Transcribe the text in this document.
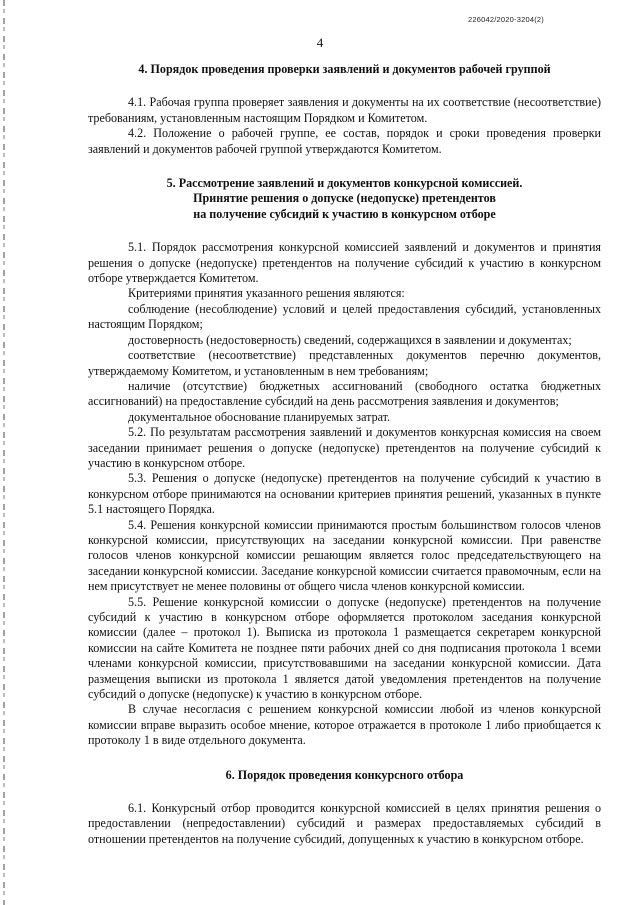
226042/2020-3204(2)
4
4. Порядок проведения проверки заявлений и документов рабочей группой

4.1. Рабочая группа проверяет заявления и документы на их соответствие (несоответствие) требованиям, установленным настоящим Порядком и Комитетом.

4.2. Положение о рабочей группе, ее состав, порядок и сроки проведения проверки заявлений и документов рабочей группой утверждаются Комитетом.

5. Рассмотрение заявлений и документов конкурсной комиссией.
Принятие решения о допуске (недопуске) претендентов
на получение субсидий к участию в конкурсном отборе

5.1. Порядок рассмотрения конкурсной комиссией заявлений и документов и принятия решения о допуске (недопуске) претендентов на получение субсидий к участию в конкурсном отборе утверждается Комитетом.

Критериями принятия указанного решения являются:

соблюдение (несоблюдение) условий и целей предоставления субсидий, установленных настоящим Порядком;

достоверность (недостоверность) сведений, содержащихся в заявлении и документах;

соответствие (несоответствие) представленных документов перечню документов, утверждаемому Комитетом, и установленным в нем требованиям;

наличие (отсутствие) бюджетных ассигнований (свободного остатка бюджетных ассигнований) на предоставление субсидий на день рассмотрения заявления и документов;

документальное обоснование планируемых затрат.

5.2. По результатам рассмотрения заявлений и документов конкурсная комиссия на своем заседании принимает решения о допуске (недопуске) претендентов на получение субсидий к участию в конкурсном отборе.

5.3. Решения о допуске (недопуске) претендентов на получение субсидий к участию в конкурсном отборе принимаются на основании критериев принятия решений, указанных в пункте 5.1 настоящего Порядка.

5.4. Решения конкурсной комиссии принимаются простым большинством голосов членов конкурсной комиссии, присутствующих на заседании конкурсной комиссии. При равенстве голосов членов конкурсной комиссии решающим является голос председательствующего на заседании конкурсной комиссии. Заседание конкурсной комиссии считается правомочным, если на нем присутствует не менее половины от общего числа членов конкурсной комиссии.

5.5. Решение конкурсной комиссии о допуске (недопуске) претендентов на получение субсидий к участию в конкурсном отборе оформляется протоколом заседания конкурсной комиссии (далее – протокол 1). Выписка из протокола 1 размещается секретарем конкурсной комиссии на сайте Комитета не позднее пяти рабочих дней со дня подписания протокола 1 всеми членами конкурсной комиссии, присутствовавшими на заседании конкурсной комиссии. Дата размещения выписки из протокола 1 является датой уведомления претендентов на получение субсидий о допуске (недопуске) к участию в конкурсном отборе.

В случае несогласия с решением конкурсной комиссии любой из членов конкурсной комиссии вправе выразить особое мнение, которое отражается в протоколе 1 либо приобщается к протоколу 1 в виде отдельного документа.

6. Порядок проведения конкурсного отбора

6.1. Конкурсный отбор проводится конкурсной комиссией в целях принятия решения о предоставлении (непредоставлении) субсидий и размерах предоставляемых субсидий в отношении претендентов на получение субсидий, допущенных к участию в конкурсном отборе.
